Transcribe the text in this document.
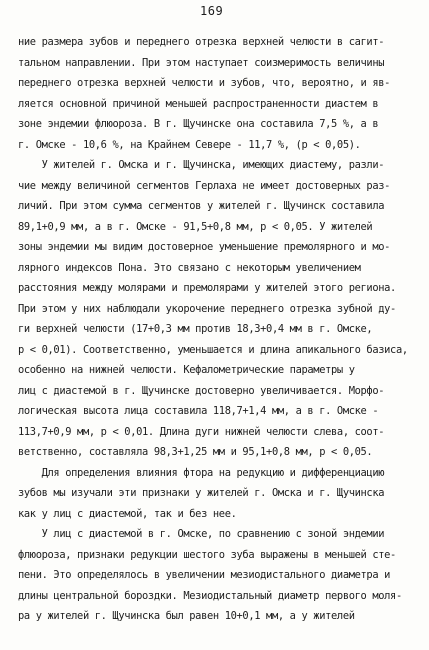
169
ние размера зубов и переднего отрезка верхней челюсти в сагит-
тальном направлении. При этом наступает соизмеримость величины
переднего отрезка верхней челюсти и зубов, что, вероятно, и яв-
ляется основной причиной меньшей распространенности диастем в
зоне эндемии флюороза. В г. Щучинске она составила 7,5 %, а в
г. Омске - 10,6 %, на Крайнем Севере - 11,7 %, (p < 0,05).
У жителей г. Омска и г. Щучинска, имеющих диастему, разли-
чие между величиной сегментов Герлаха не имеет достоверных раз-
личий. При этом сумма сегментов у жителей г. Щучинск составила
89,1+0,9 мм, а в г. Омске - 91,5+0,8 мм, р < 0,05. У жителей
зоны эндемии мы видим достоверное уменьшение премолярного и мо-
лярного индексов Пона. Это связано с некоторым увеличением
расстояния между молярами и премолярами у жителей этого региона.
При этом у них наблюдали укорочение переднего отрезка зубной ду-
ги верхней челюсти (17+0,3 мм против 18,3+0,4 мм в г. Омске,
р < 0,01). Соответственно, уменьшается и длина апикального базиса,
особенно на нижней челюсти. Кефалометрические параметры у
лиц с диастемой в г. Щучинске достоверно увеличивается. Морфо-
логическая высота лица составила 118,7+1,4 мм, а в г. Омске -
113,7+0,9 мм, р < 0,01. Длина дуги нижней челюсти слева, сoот-
ветственно, составляла 98,3+1,25 мм и 95,1+0,8 мм, р < 0,05.
Для определения влияния фтора на редукцию и дифференциацию
зубов мы изучали эти признаки у жителей г. Омска и г. Щучинска
как у лиц с диастемой, так и без нее.
У лиц с диастемой в г. Омске, по сравнению с зоной эндемии
флюороза, признаки редукции шестого зуба выражены в меньшей сте-
пени. Это определялось в увеличении мезиодистального диаметра и
длины центральной бороздки. Мезиодистальный диаметр первого моля-
ра у жителей г. Щучинска был равен 10+0,1 мм, а у жителей
